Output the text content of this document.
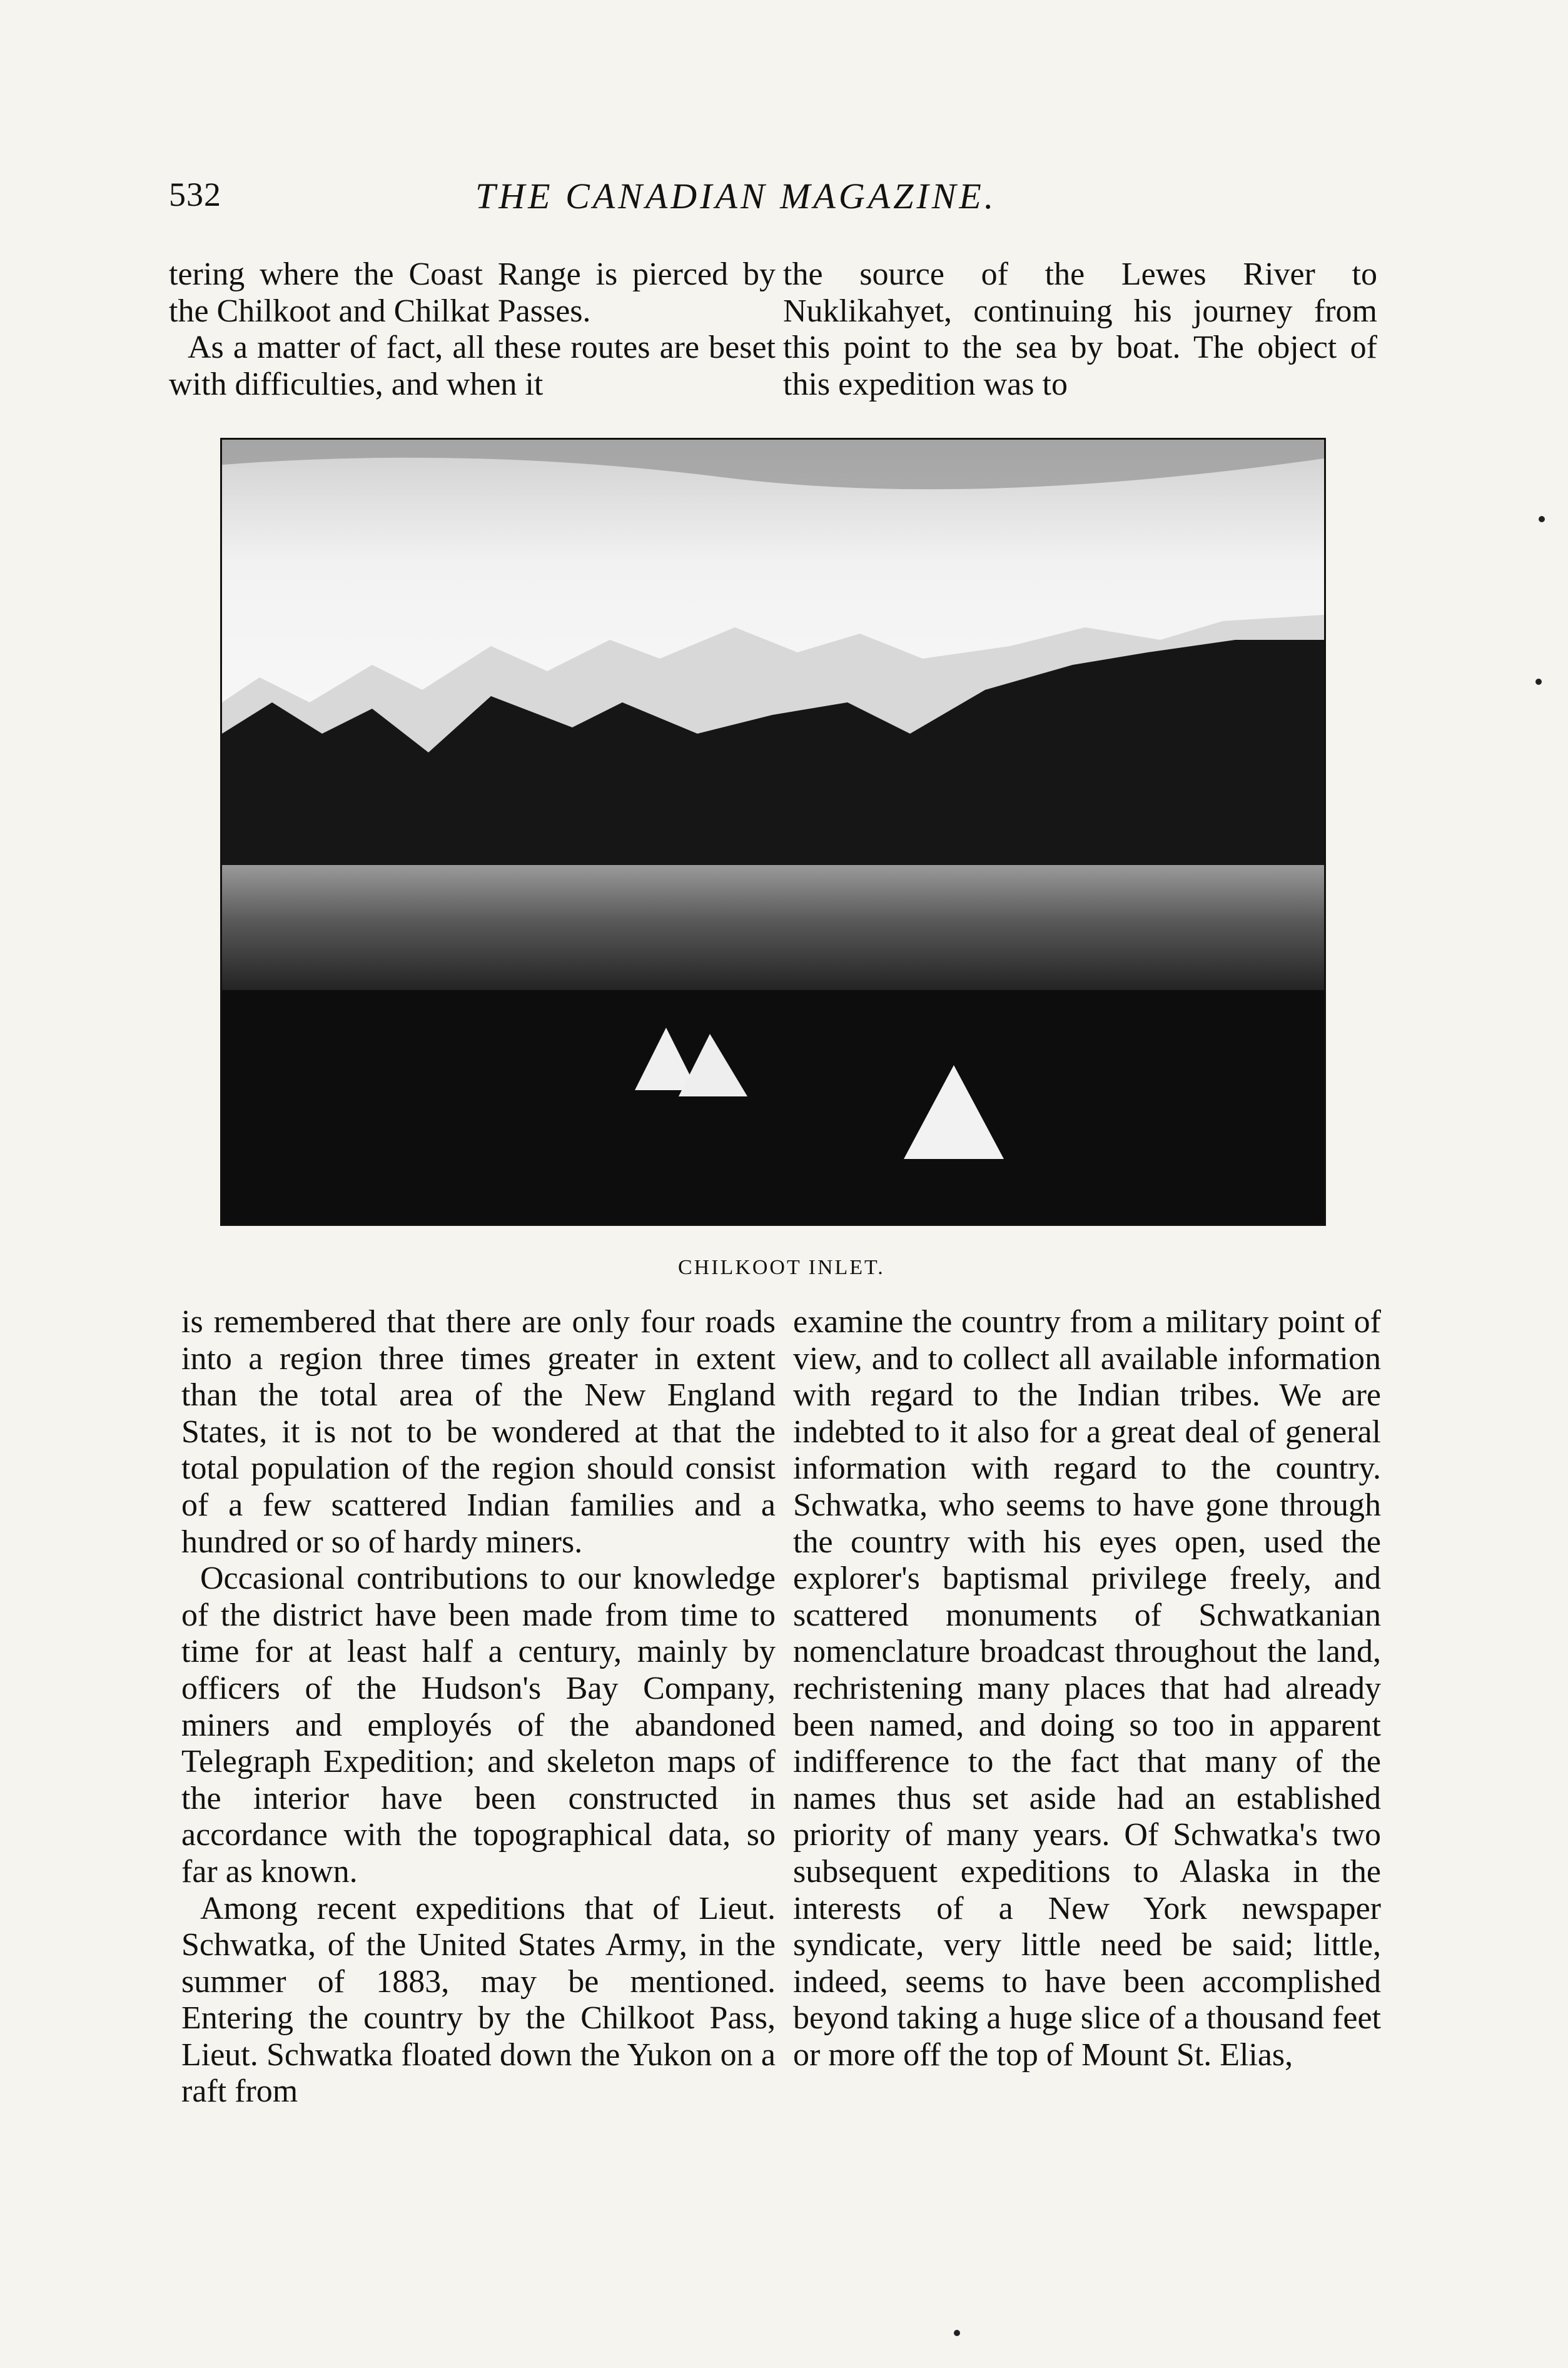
532	THE CANADIAN MAGAZINE.

tering where the Coast Range is pierced by the Chilkoot and Chilkat Passes.

As a matter of fact, all these routes are beset with difficulties, and when it

the source of the Lewes River to Nuklikahyet, continuing his journey from this point to the sea by boat. The object of this expedition was to

CHILKOOT INLET.

is remembered that there are only four roads into a region three times greater in extent than the total area of the New England States, it is not to be wondered at that the total population of the region should consist of a few scattered Indian families and a hundred or so of hardy miners.

Occasional contributions to our knowledge of the district have been made from time to time for at least half a century, mainly by officers of the Hudson's Bay Company, miners and employés of the abandoned Telegraph Expedition; and skeleton maps of the interior have been constructed in accordance with the topographical data, so far as known.

Among recent expeditions that of Lieut. Schwatka, of the United States Army, in the summer of 1883, may be mentioned. Entering the country by the Chilkoot Pass, Lieut. Schwatka floated down the Yukon on a raft from

examine the country from a military point of view, and to collect all available information with regard to the Indian tribes. We are indebted to it also for a great deal of general information with regard to the country. Schwatka, who seems to have gone through the country with his eyes open, used the explorer's baptismal privilege freely, and scattered monuments of Schwatkanian nomenclature broadcast throughout the land, rechristening many places that had already been named, and doing so too in apparent indifference to the fact that many of the names thus set aside had an established priority of many years. Of Schwatka's two subsequent expeditions to Alaska in the interests of a New York newspaper syndicate, very little need be said; little, indeed, seems to have been accomplished beyond taking a huge slice of a thousand feet or more off the top of Mount St. Elias,
